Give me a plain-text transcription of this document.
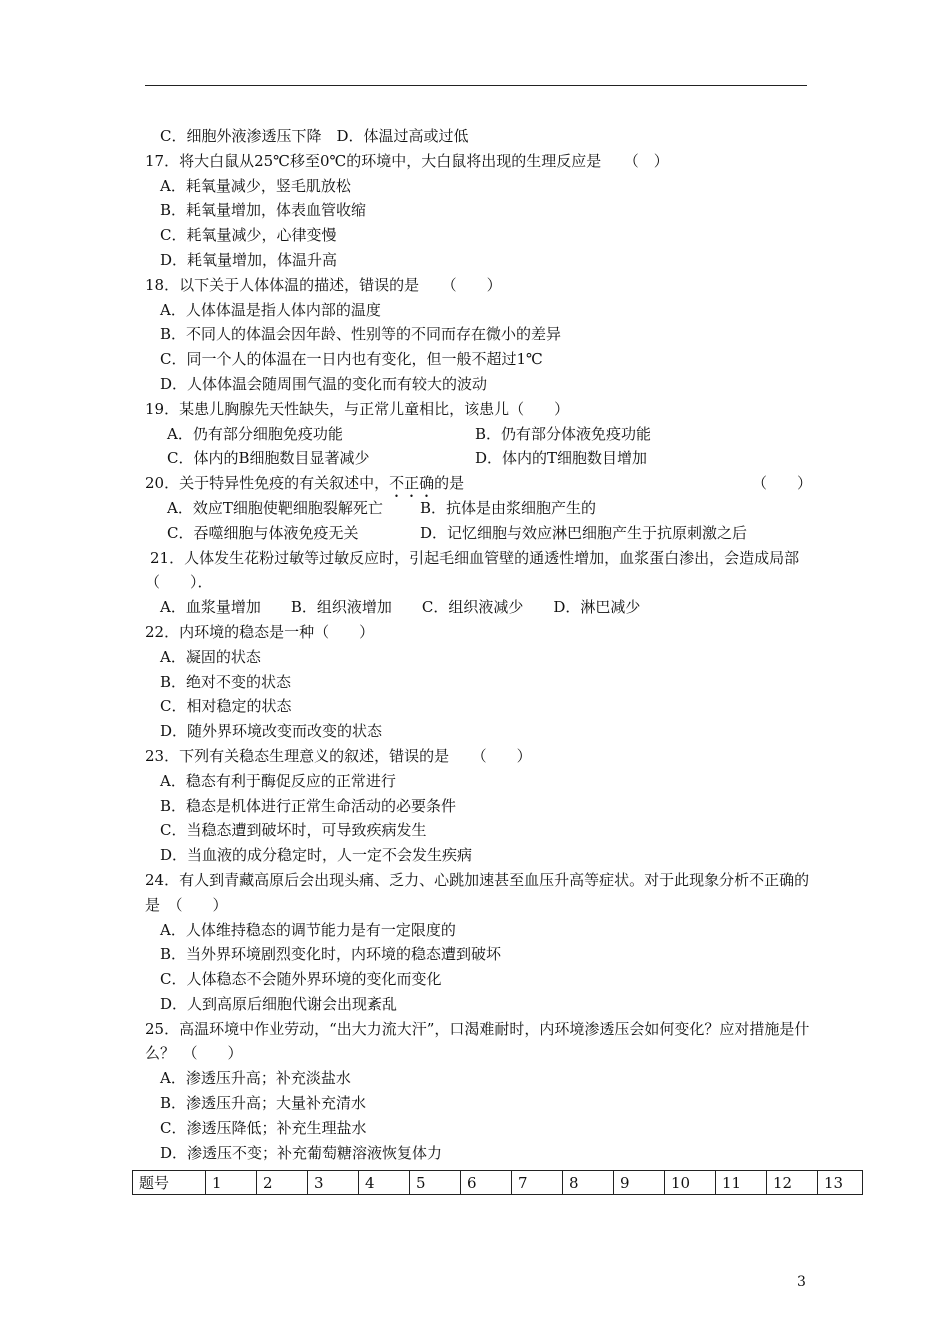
C．细胞外液渗透压下降　D．体温过高或过低
17．将大白鼠从25℃移至0℃的环境中，大白鼠将出现的生理反应是　　（　）
A．耗氧量减少，竖毛肌放松
B．耗氧量增加，体表血管收缩
C．耗氧量减少，心律变慢
D．耗氧量增加，体温升高
18．以下关于人体体温的描述，错误的是　　（　　）
A．人体体温是指人体内部的温度
B．不同人的体温会因年龄、性别等的不同而存在微小的差异
C．同一个人的体温在一日内也有变化，但一般不超过1℃
D．人体体温会随周围气温的变化而有较大的波动
19．某患儿胸腺先天性缺失，与正常儿童相比，该患儿（　　）
A．仍有部分细胞免疫功能	B．仍有部分体液免疫功能
C．体内的B细胞数目显著减少	D．体内的T细胞数目增加
20．关于特异性免疫的有关叙述中，不正确的是	（　　）
A．效应T细胞使靶细胞裂解死亡 B．抗体是由浆细胞产生的
C．吞噬细胞与体液免疫无关	D．记忆细胞与效应淋巴细胞产生于抗原刺激之后
21．人体发生花粉过敏等过敏反应时，引起毛细血管壁的通透性增加，血浆蛋白渗出，会造成局部　（　　）．
A．血浆量增加　　B．组织液增加　　C．组织液减少　　D．淋巴减少
22．内环境的稳态是一种（　　）
A．凝固的状态
B．绝对不变的状态
C．相对稳定的状态
D．随外界环境改变而改变的状态
23．下列有关稳态生理意义的叙述，错误的是　　（　　）
A．稳态有利于酶促反应的正常进行
B．稳态是机体进行正常生命活动的必要条件
C．当稳态遭到破坏时，可导致疾病发生
D．当血液的成分稳定时，人一定不会发生疾病
24．有人到青藏高原后会出现头痛、乏力、心跳加速甚至血压升高等症状。对于此现象分析不正确的是　（　　）
A．人体维持稳态的调节能力是有一定限度的
B．当外界环境剧烈变化时，内环境的稳态遭到破坏
C．人体稳态不会随外界环境的变化而变化
D．人到高原后细胞代谢会出现紊乱
25．高温环境中作业劳动，“出大力流大汗”，口渴难耐时，内环境渗透压会如何变化？应对措施是什么？　（　　）
A．渗透压升高；补充淡盐水
B．渗透压升高；大量补充清水
C．渗透压降低；补充生理盐水
D．渗透压不变；补充葡萄糖溶液恢复体力
题号	1	2	3	4	5	6	7	8	9	10	11	12	13
3
